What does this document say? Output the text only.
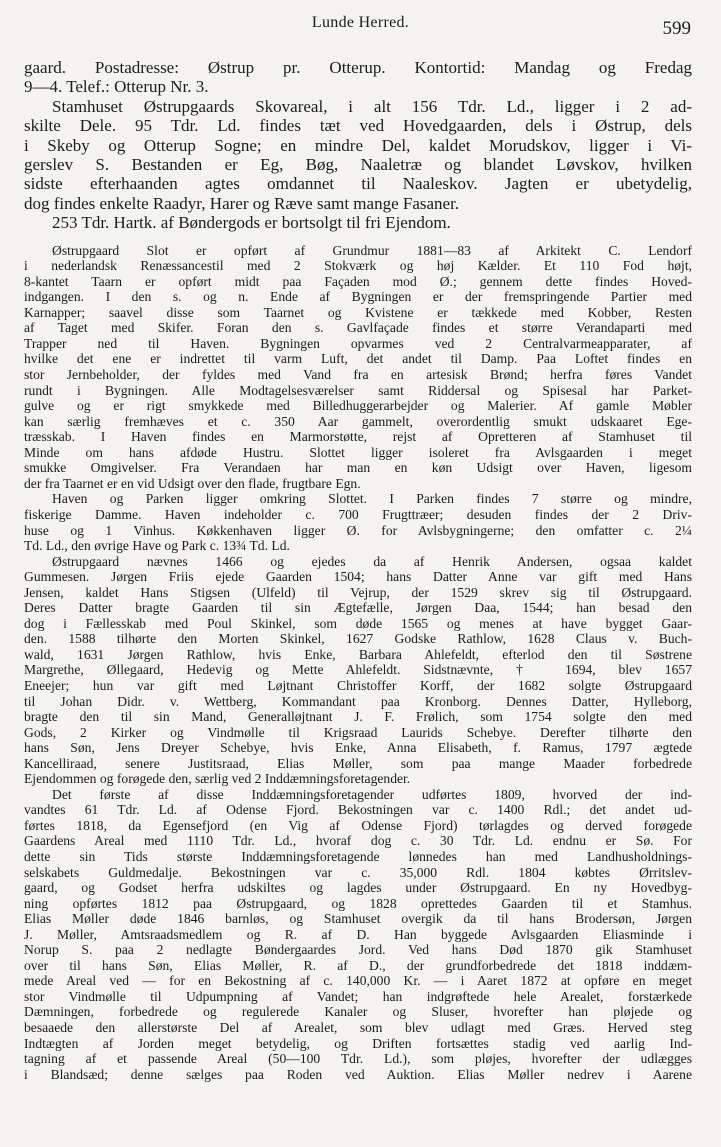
Lunde Herred.	599
gaard. Postadresse: Østrup pr. Otterup. Kontortid: Mandag og Fredag
9—4. Telef.: Otterup Nr. 3.
Stamhuset Østrupgaards Skovareal, i alt 156 Tdr. Ld., ligger i 2 ad-
skilte Dele. 95 Tdr. Ld. findes tæt ved Hovedgaarden, dels i Østrup, dels
i Skeby og Otterup Sogne; en mindre Del, kaldet Morudskov, ligger i Vi-
gerslev S. Bestanden er Eg, Bøg, Naaletræ og blandet Løvskov, hvilken
sidste efterhaanden agtes omdannet til Naaleskov. Jagten er ubetydelig,
dog findes enkelte Raadyr, Harer og Ræve samt mange Fasaner.
253 Tdr. Hartk. af Bøndergods er bortsolgt til fri Ejendom.
Østrupgaard Slot er opført af Grundmur 1881—83 af Arkitekt C. Lendorf
i nederlandsk Renæssancestil med 2 Stokværk og høj Kælder. Et 110 Fod højt,
8-kantet Taarn er opført midt paa Façaden mod Ø.; gennem dette findes Hoved-
indgangen. I den s. og n. Ende af Bygningen er der fremspringende Partier med
Karnapper; saavel disse som Taarnet og Kvistene er tækkede med Kobber, Resten
af Taget med Skifer. Foran den s. Gavlfaçade findes et større Verandaparti med
Trapper ned til Haven. Bygningen opvarmes ved 2 Centralvarmeapparater, af
hvilke det ene er indrettet til varm Luft, det andet til Damp. Paa Loftet findes en
stor Jernbeholder, der fyldes med Vand fra en artesisk Brønd; herfra føres Vandet
rundt i Bygningen. Alle Modtagelsesværelser samt Riddersal og Spisesal har Parket-
gulve og er rigt smykkede med Billedhuggerarbejder og Malerier. Af gamle Møbler
kan særlig fremhæves et c. 350 Aar gammelt, overordentlig smukt udskaaret Ege-
træsskab. I Haven findes en Marmorstøtte, rejst af Opretteren af Stamhuset til
Minde om hans afdøde Hustru. Slottet ligger isoleret fra Avlsgaarden i meget
smukke Omgivelser. Fra Verandaen har man en køn Udsigt over Haven, ligesom
der fra Taarnet er en vid Udsigt over den flade, frugtbare Egn.
Haven og Parken ligger omkring Slottet. I Parken findes 7 større og mindre,
fiskerige Damme. Haven indeholder c. 700 Frugttræer; desuden findes der 2 Driv-
huse og 1 Vinhus. Køkkenhaven ligger Ø. for Avlsbygningerne; den omfatter c. 2¼
Td. Ld., den øvrige Have og Park c. 13¾ Td. Ld.
Østrupgaard nævnes 1466 og ejedes da af Henrik Andersen, ogsaa kaldet
Gummesen. Jørgen Friis ejede Gaarden 1504; hans Datter Anne var gift med Hans
Jensen, kaldet Hans Stigsen (Ulfeld) til Vejrup, der 1529 skrev sig til Østrupgaard.
Deres Datter bragte Gaarden til sin Ægtefælle, Jørgen Daa, 1544; han besad den
dog i Fællesskab med Poul Skinkel, som døde 1565 og menes at have bygget Gaar-
den. 1588 tilhørte den Morten Skinkel, 1627 Godske Rathlow, 1628 Claus v. Buch-
wald, 1631 Jørgen Rathlow, hvis Enke, Barbara Ahlefeldt, efterlod den til Søstrene
Margrethe, Øllegaard, Hedevig og Mette Ahlefeldt. Sidstnævnte, † 1694, blev 1657
Eneejer; hun var gift med Løjtnant Christoffer Korff, der 1682 solgte Østrupgaard
til Johan Didr. v. Wettberg, Kommandant paa Kronborg. Dennes Datter, Hylleborg,
bragte den til sin Mand, Generalløjtnant J. F. Frølich, som 1754 solgte den med
Gods, 2 Kirker og Vindmølle til Krigsraad Laurids Schebye. Derefter tilhørte den
hans Søn, Jens Dreyer Schebye, hvis Enke, Anna Elisabeth, f. Ramus, 1797 ægtede
Kancelliraad, senere Justitsraad, Elias Møller, som paa mange Maader forbedrede
Ejendommen og forøgede den, særlig ved 2 Inddæmningsforetagender.
Det første af disse Inddæmningsforetagender udførtes 1809, hvorved der ind-
vandtes 61 Tdr. Ld. af Odense Fjord. Bekostningen var c. 1400 Rdl.; det andet ud-
førtes 1818, da Egensefjord (en Vig af Odense Fjord) tørlagdes og derved forøgede
Gaardens Areal med 1110 Tdr. Ld., hvoraf dog c. 30 Tdr. Ld. endnu er Sø. For
dette sin Tids største Inddæmningsforetagende lønnedes han med Landhusholdnings-
selskabets Guldmedalje. Bekostningen var c. 35,000 Rdl. 1804 købtes Ørritslev-
gaard, og Godset herfra udskiltes og lagdes under Østrupgaard. En ny Hovedbyg-
ning opførtes 1812 paa Østrupgaard, og 1828 oprettedes Gaarden til et Stamhus.
Elias Møller døde 1846 barnløs, og Stamhuset overgik da til hans Brodersøn, Jørgen
J. Møller, Amtsraadsmedlem og R. af D. Han byggede Avlsgaarden Eliasminde i
Norup S. paa 2 nedlagte Bøndergaardes Jord. Ved hans Død 1870 gik Stamhuset
over til hans Søn, Elias Møller, R. af D., der grundforbedrede det 1818 inddæm-
mede Areal ved — for en Bekostning af c. 140,000 Kr. — i Aaret 1872 at opføre en meget
stor Vindmølle til Udpumpning af Vandet; han indgrøftede hele Arealet, forstærkede
Dæmningen, forbedrede og regulerede Kanaler og Sluser, hvorefter han pløjede og
besaaede den allerstørste Del af Arealet, som blev udlagt med Græs. Herved steg
Indtægten af Jorden meget betydelig, og Driften fortsættes stadig ved aarlig Ind-
tagning af et passende Areal (50—100 Tdr. Ld.), som pløjes, hvorefter der udlægges
i Blandsæd; denne sælges paa Roden ved Auktion. Elias Møller nedrev i Aarene
